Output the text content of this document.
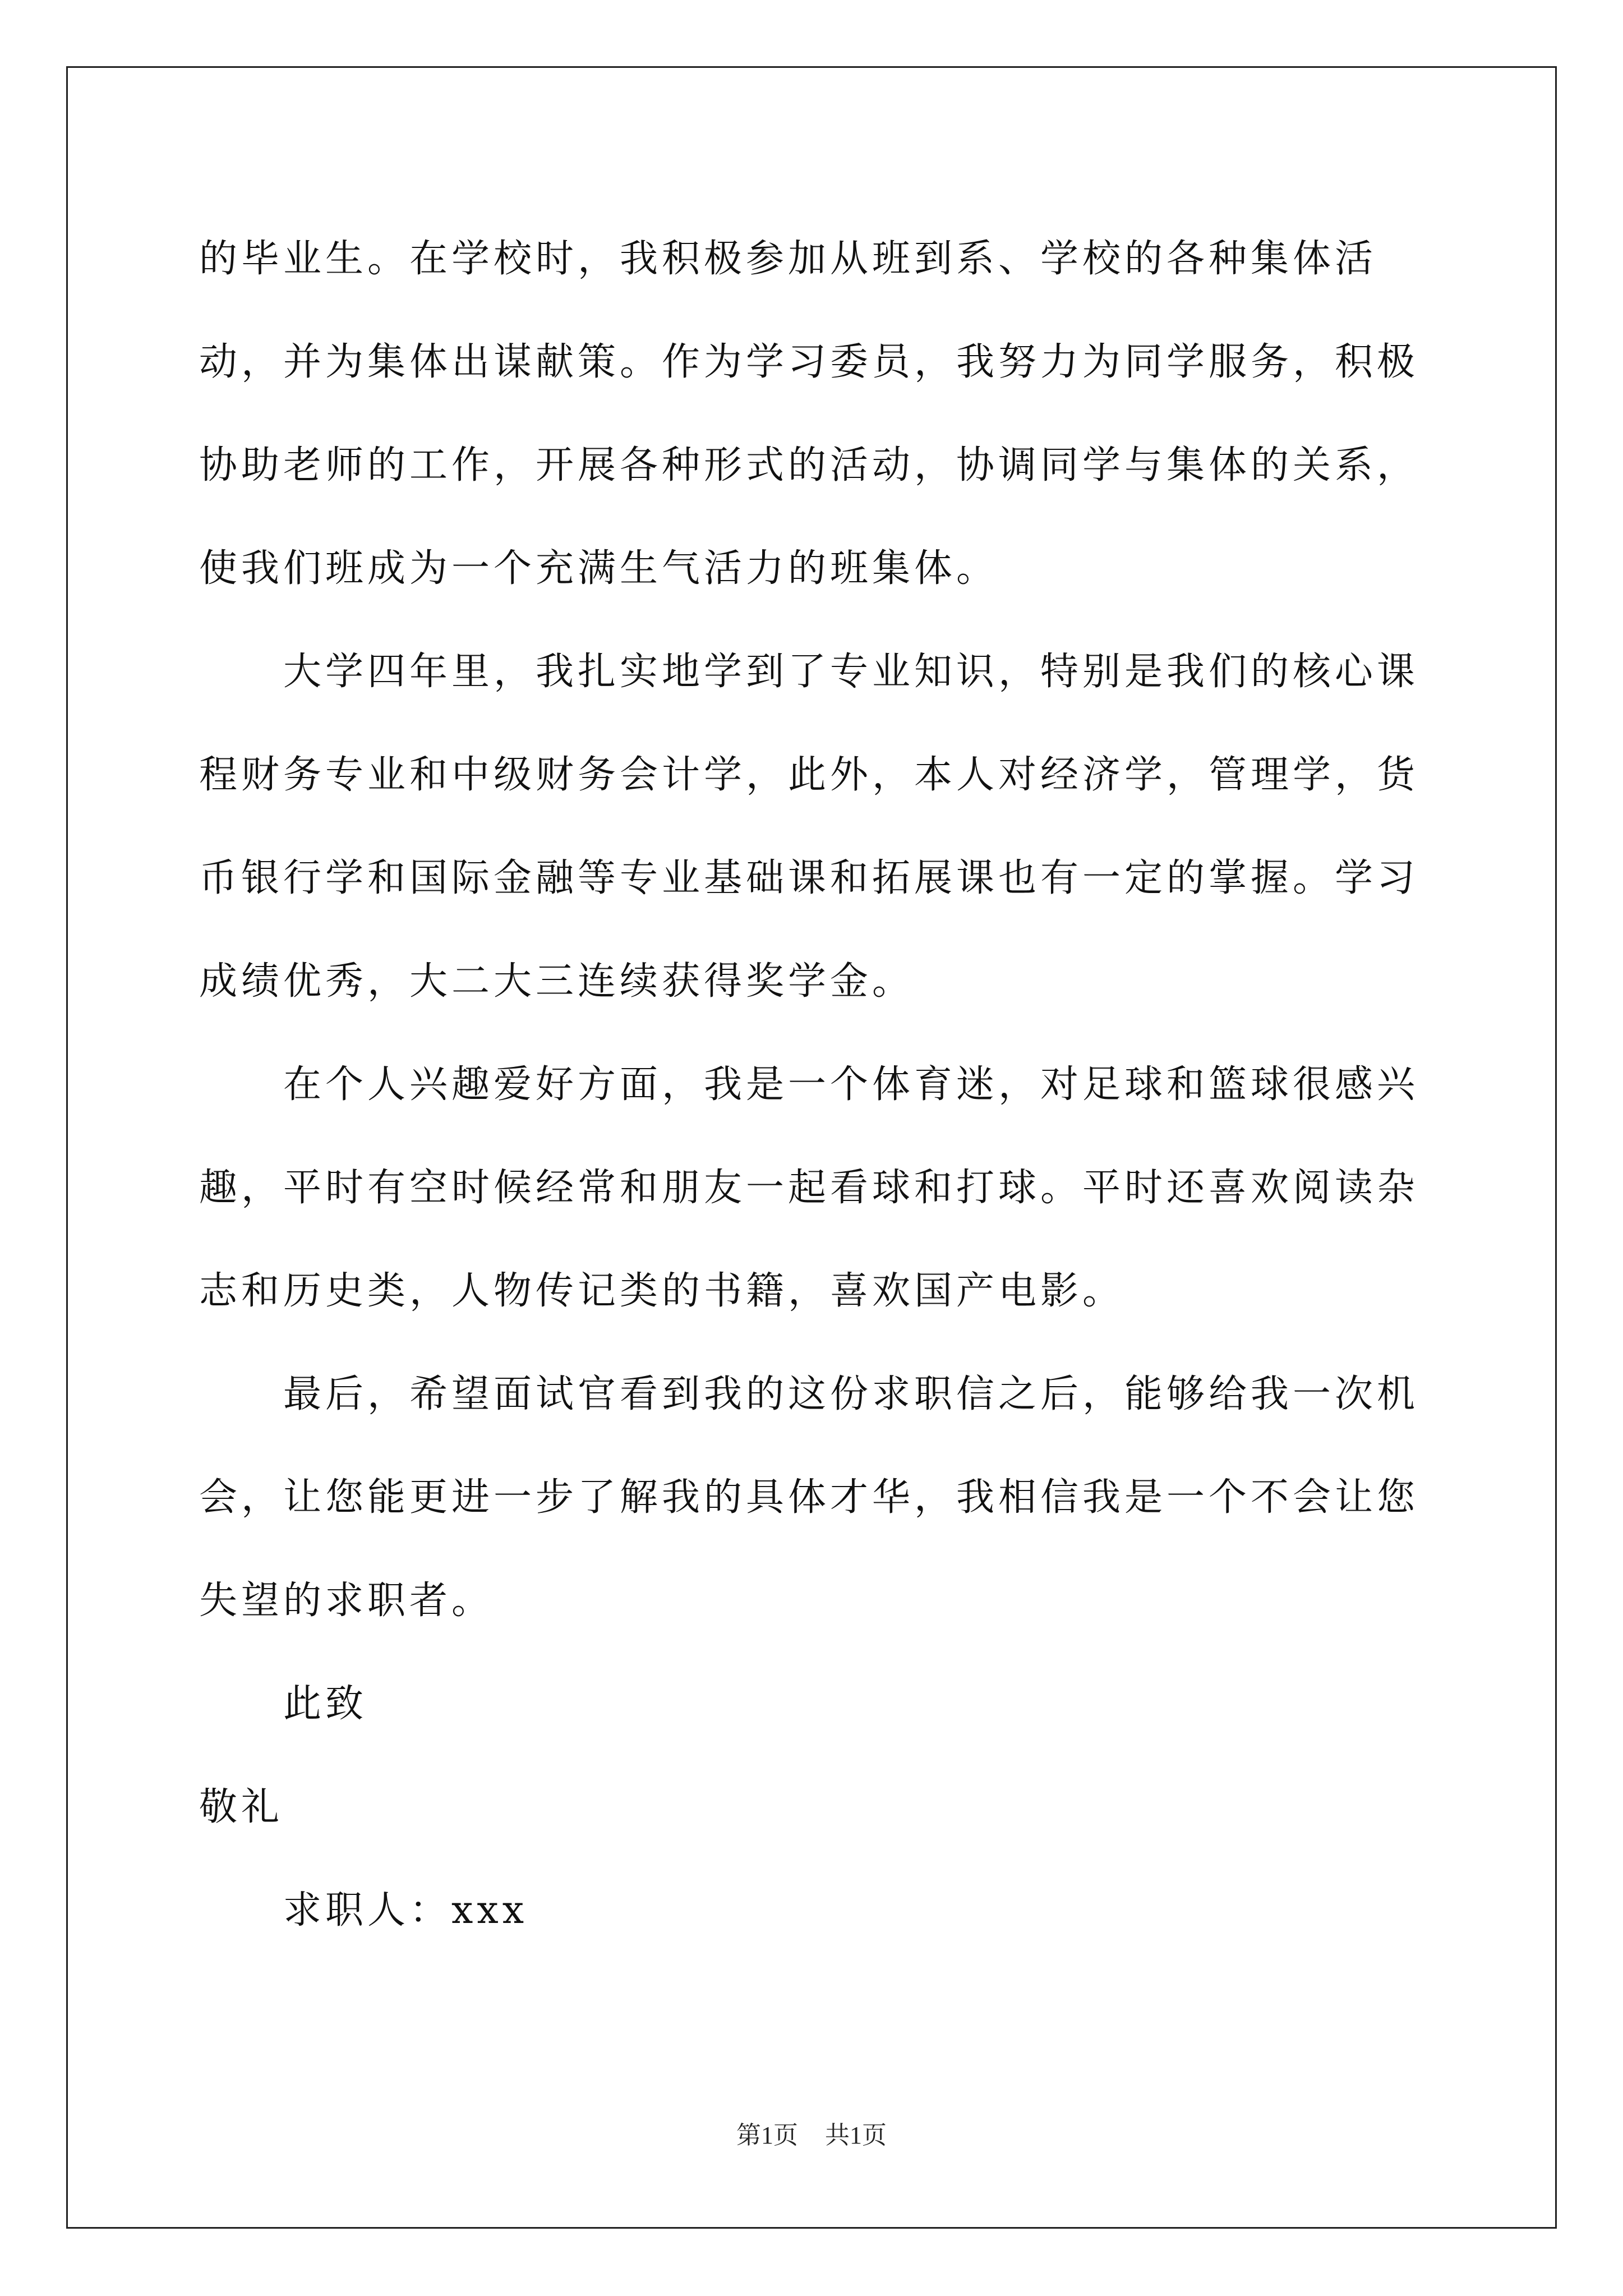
的毕业生。在学校时，我积极参加从班到系、学校的各种集体活动，并为集体出谋献策。作为学习委员，我努力为同学服务，积极协助老师的工作，开展各种形式的活动，协调同学与集体的关系，使我们班成为一个充满生气活力的班集体。

大学四年里，我扎实地学到了专业知识，特别是我们的核心课程财务专业和中级财务会计学，此外，本人对经济学，管理学，货币银行学和国际金融等专业基础课和拓展课也有一定的掌握。学习成绩优秀，大二大三连续获得奖学金。

在个人兴趣爱好方面，我是一个体育迷，对足球和篮球很感兴趣，平时有空时候经常和朋友一起看球和打球。平时还喜欢阅读杂志和历史类，人物传记类的书籍，喜欢国产电影。

最后，希望面试官看到我的这份求职信之后，能够给我一次机会，让您能更进一步了解我的具体才华，我相信我是一个不会让您失望的求职者。

此致

敬礼

求职人：xxx

第1页 共1页
